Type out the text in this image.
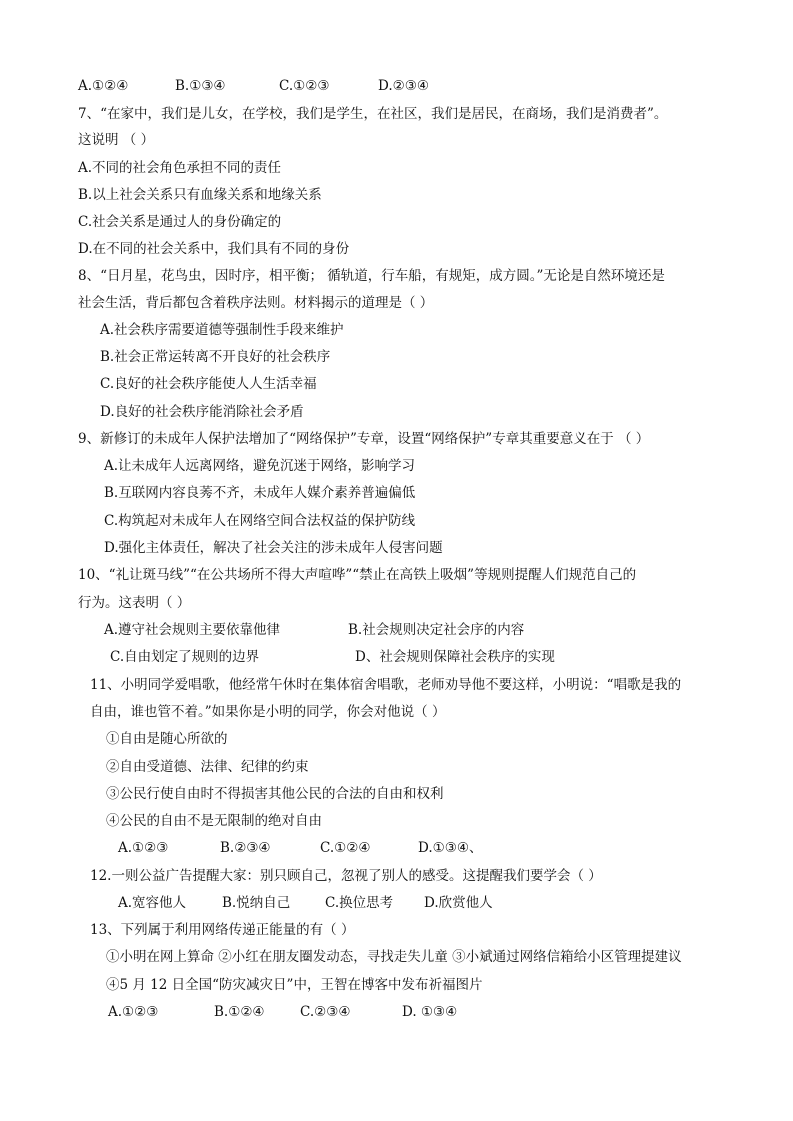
A.①②④	B.①③④	C.①②③	D.②③④
7、“在家中，我们是儿女，在学校，我们是学生，在社区，我们是居民，在商场，我们是消费者”。
这说明 （ ）
A.不同的社会角色承担不同的责任
B.以上社会关系只有血缘关系和地缘关系
C.社会关系是通过人的身份确定的
D.在不同的社会关系中，我们具有不同的身份
8、“日月星，花鸟虫，因时序，相平衡； 循轨道，行车船，有规矩，成方圆。”无论是自然环境还是
社会生活，背后都包含着秩序法则。材料揭示的道理是（ ）
A.社会秩序需要道德等强制性手段来维护
B.社会正常运转离不开良好的社会秩序
C.良好的社会秩序能使人人生活幸福
D.良好的社会秩序能消除社会矛盾
9、新修订的未成年人保护法增加了“网络保护”专章，设置“网络保护”专章其重要意义在于 （ ）
A.让未成年人远离网络，避免沉迷于网络，影响学习
B.互联网内容良莠不齐，未成年人媒介素养普遍偏低
C.构筑起对未成年人在网络空间合法权益的保护防线
D.强化主体责任，解决了社会关注的涉未成年人侵害问题
10、“礼让斑马线”“在公共场所不得大声喧哗”“禁止在高铁上吸烟”等规则提醒人们规范自己的
行为。这表明（ ）
A.遵守社会规则主要依靠他律	B.社会规则决定社会序的内容
C.自由划定了规则的边界	D、社会规则保障社会秩序的实现
11、小明同学爱唱歌，他经常午休时在集体宿舍唱歌，老师劝导他不要这样，小明说：“唱歌是我的
自由，谁也管不着。”如果你是小明的同学，你会对他说（ ）
①自由是随心所欲的
②自由受道德、法律、纪律的约束
③公民行使自由时不得损害其他公民的合法的自由和权利
④公民的自由不是无限制的绝对自由
A.①②③	B.②③④	C.①②④	D.①③④、
12.一则公益广告提醒大家：别只顾自己，忽视了别人的感受。这提醒我们要学会（ ）
A.宽容他人	B.悦纳自己	C.换位思考 D.欣赏他人
13、下列属于利用网络传递正能量的有（ ）
①小明在网上算命 ②小红在朋友圈发动态，寻找走失儿童 ③小斌通过网络信箱给小区管理提建议
④5 月 12 日全国“防灾减灾日”中，王智在博客中发布祈福图片
A.①②③	B.①②④	C.②③④	D. ①③④
